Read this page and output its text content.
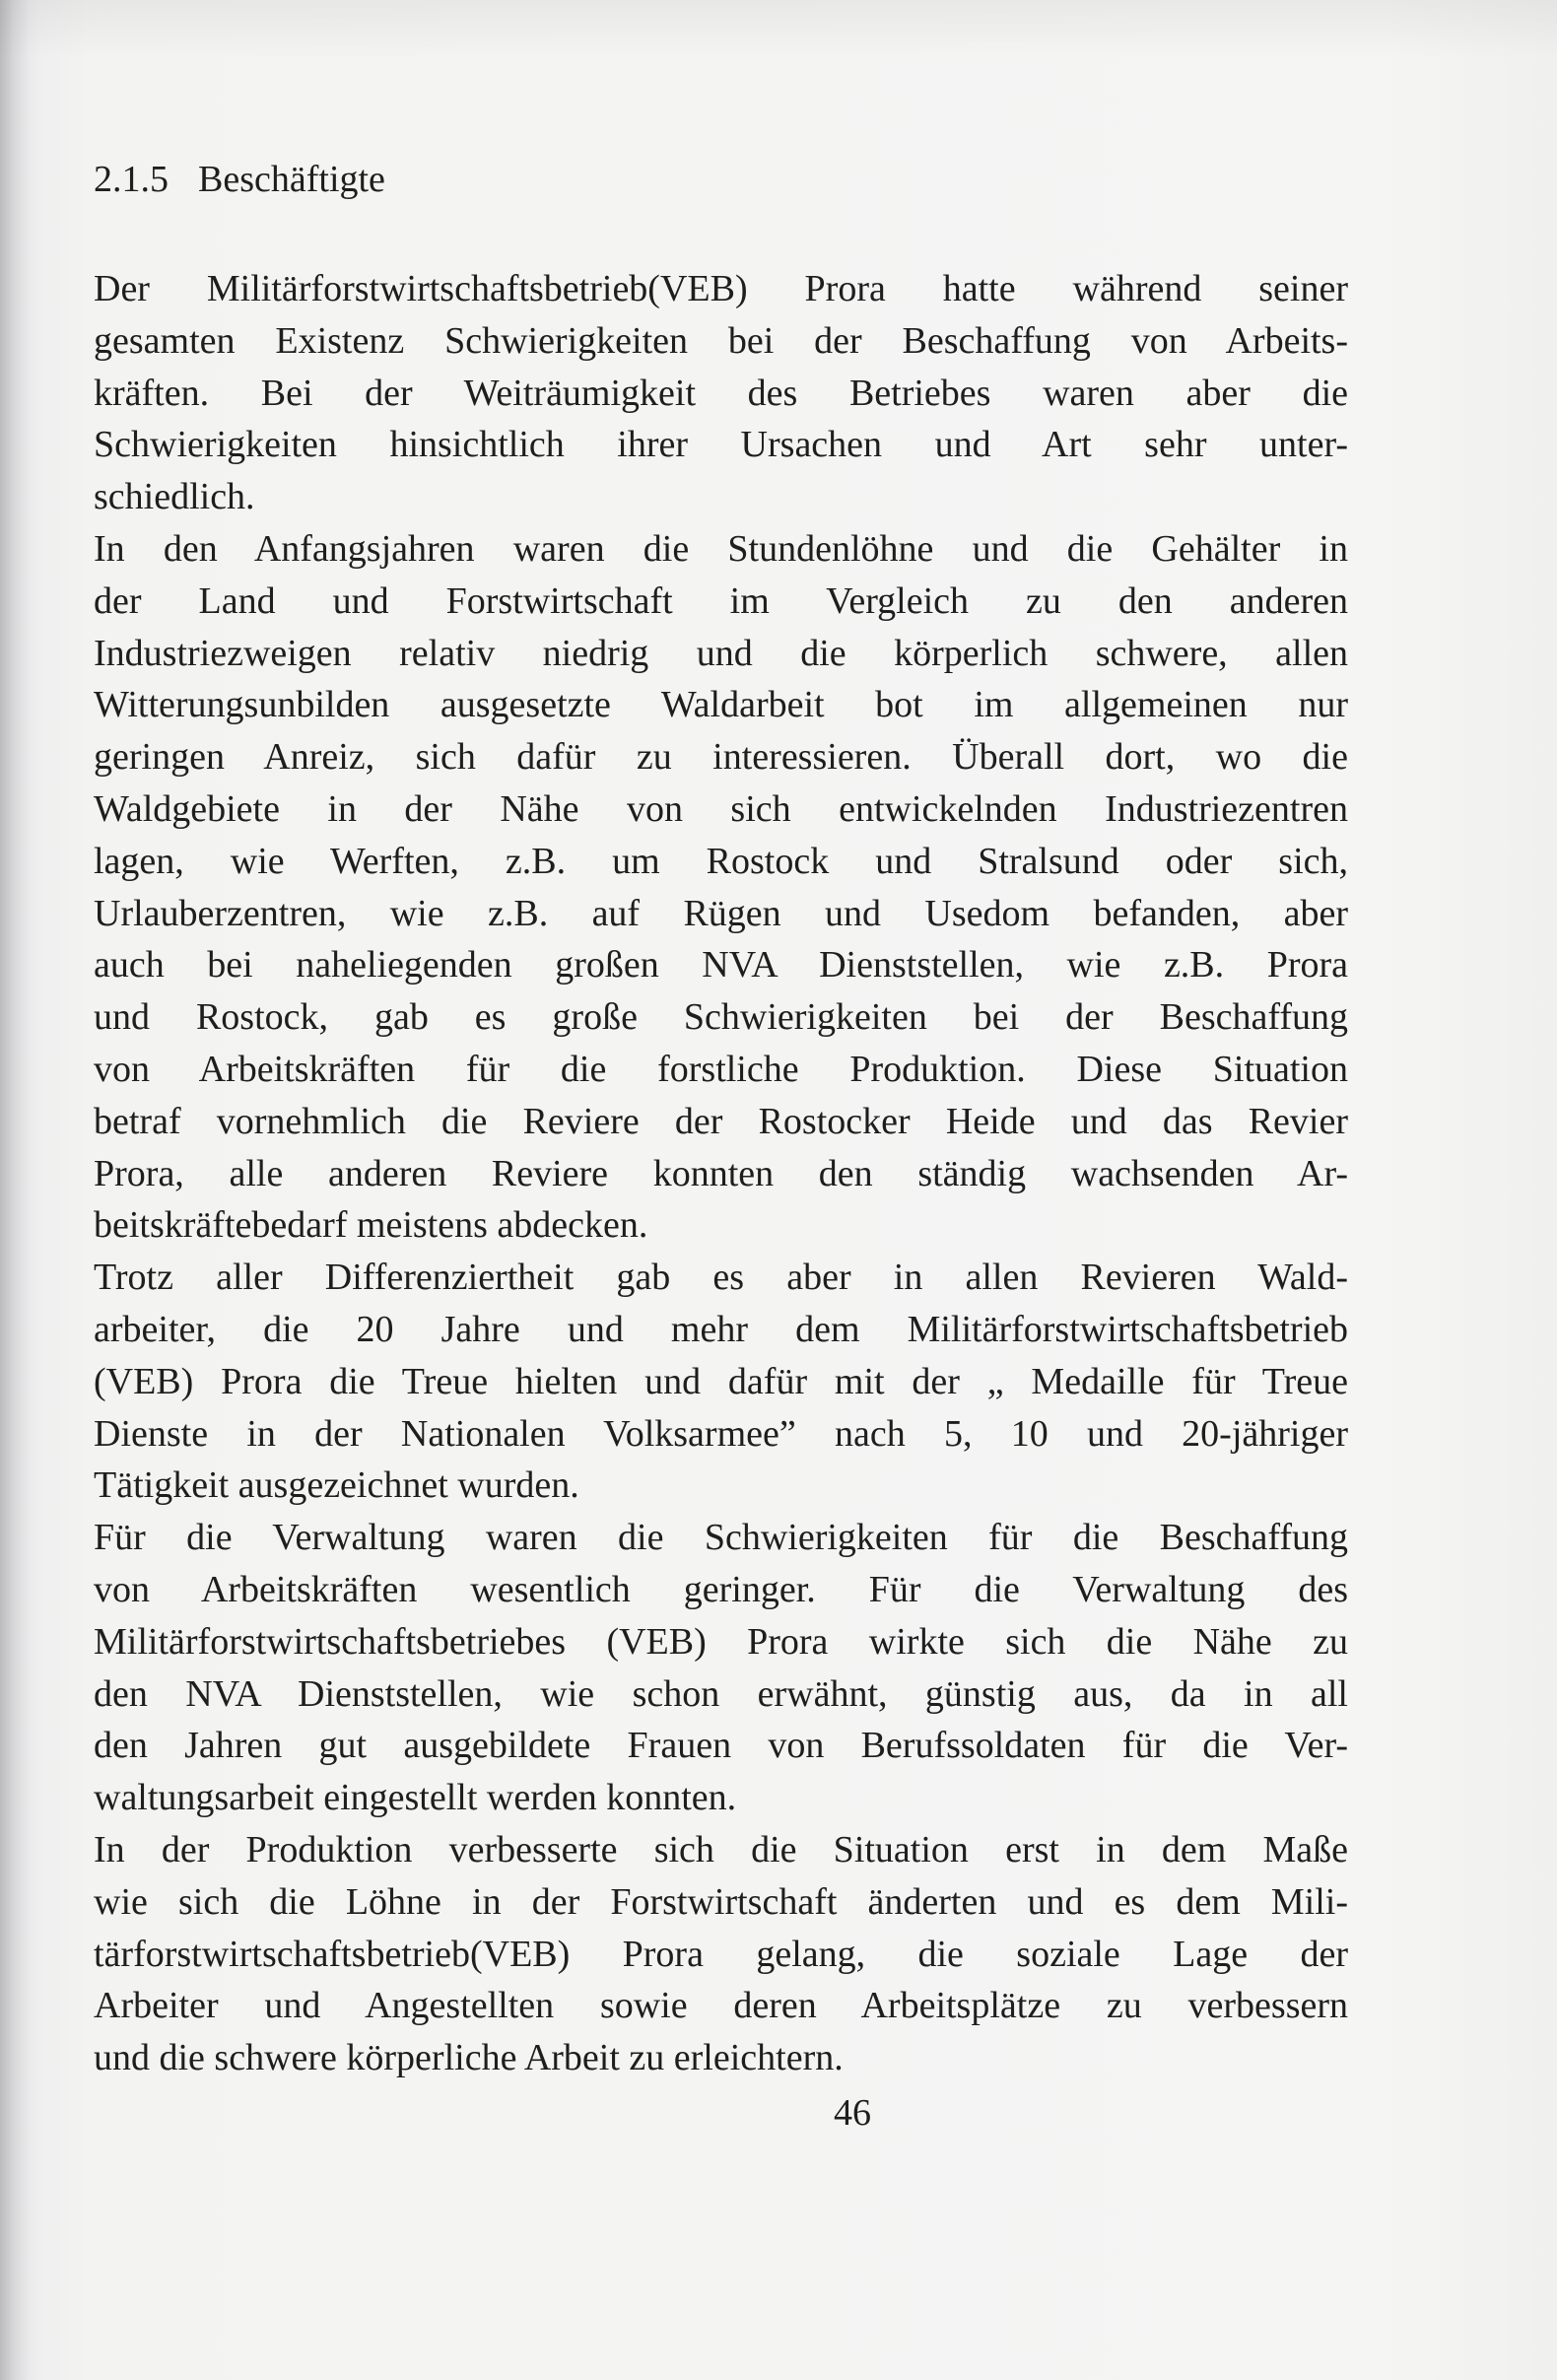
2.1.5 Beschäftigte
Der Militärforstwirtschaftsbetrieb(VEB) Prora hatte während seiner
gesamten Existenz Schwierigkeiten bei der Beschaffung von Arbeits-
kräften. Bei der Weiträumigkeit des Betriebes waren aber die
Schwierigkeiten hinsichtlich ihrer Ursachen und Art sehr unter-
schiedlich.
In den Anfangsjahren waren die Stundenlöhne und die Gehälter in
der Land und Forstwirtschaft im Vergleich zu den anderen
Industriezweigen relativ niedrig und die körperlich schwere, allen
Witterungsunbilden ausgesetzte Waldarbeit bot im allgemeinen nur
geringen Anreiz, sich dafür zu interessieren. Überall dort, wo die
Waldgebiete in der Nähe von sich entwickelnden Industriezentren
lagen, wie Werften, z.B. um Rostock und Stralsund oder sich,
Urlauberzentren, wie z.B. auf Rügen und Usedom befanden, aber
auch bei naheliegenden großen NVA Dienststellen, wie z.B. Prora
und Rostock, gab es große Schwierigkeiten bei der Beschaffung
von Arbeitskräften für die forstliche Produktion. Diese Situation
betraf vornehmlich die Reviere der Rostocker Heide und das Revier
Prora, alle anderen Reviere konnten den ständig wachsenden Ar-
beitskräftebedarf meistens abdecken.
Trotz aller Differenziertheit gab es aber in allen Revieren Wald-
arbeiter, die 20 Jahre und mehr dem Militärforstwirtschaftsbetrieb
(VEB) Prora die Treue hielten und dafür mit der „ Medaille für Treue
Dienste in der Nationalen Volksarmee” nach 5, 10 und 20-jähriger
Tätigkeit ausgezeichnet wurden.
Für die Verwaltung waren die Schwierigkeiten für die Beschaffung
von Arbeitskräften wesentlich geringer. Für die Verwaltung des
Militärforstwirtschaftsbetriebes (VEB) Prora wirkte sich die Nähe zu
den NVA Dienststellen, wie schon erwähnt, günstig aus, da in all
den Jahren gut ausgebildete Frauen von Berufssoldaten für die Ver-
waltungsarbeit eingestellt werden konnten.
In der Produktion verbesserte sich die Situation erst in dem Maße
wie sich die Löhne in der Forstwirtschaft änderten und es dem Mili-
tärforstwirtschaftsbetrieb(VEB) Prora gelang, die soziale Lage der
Arbeiter und Angestellten sowie deren Arbeitsplätze zu verbessern
und die schwere körperliche Arbeit zu erleichtern.
46
